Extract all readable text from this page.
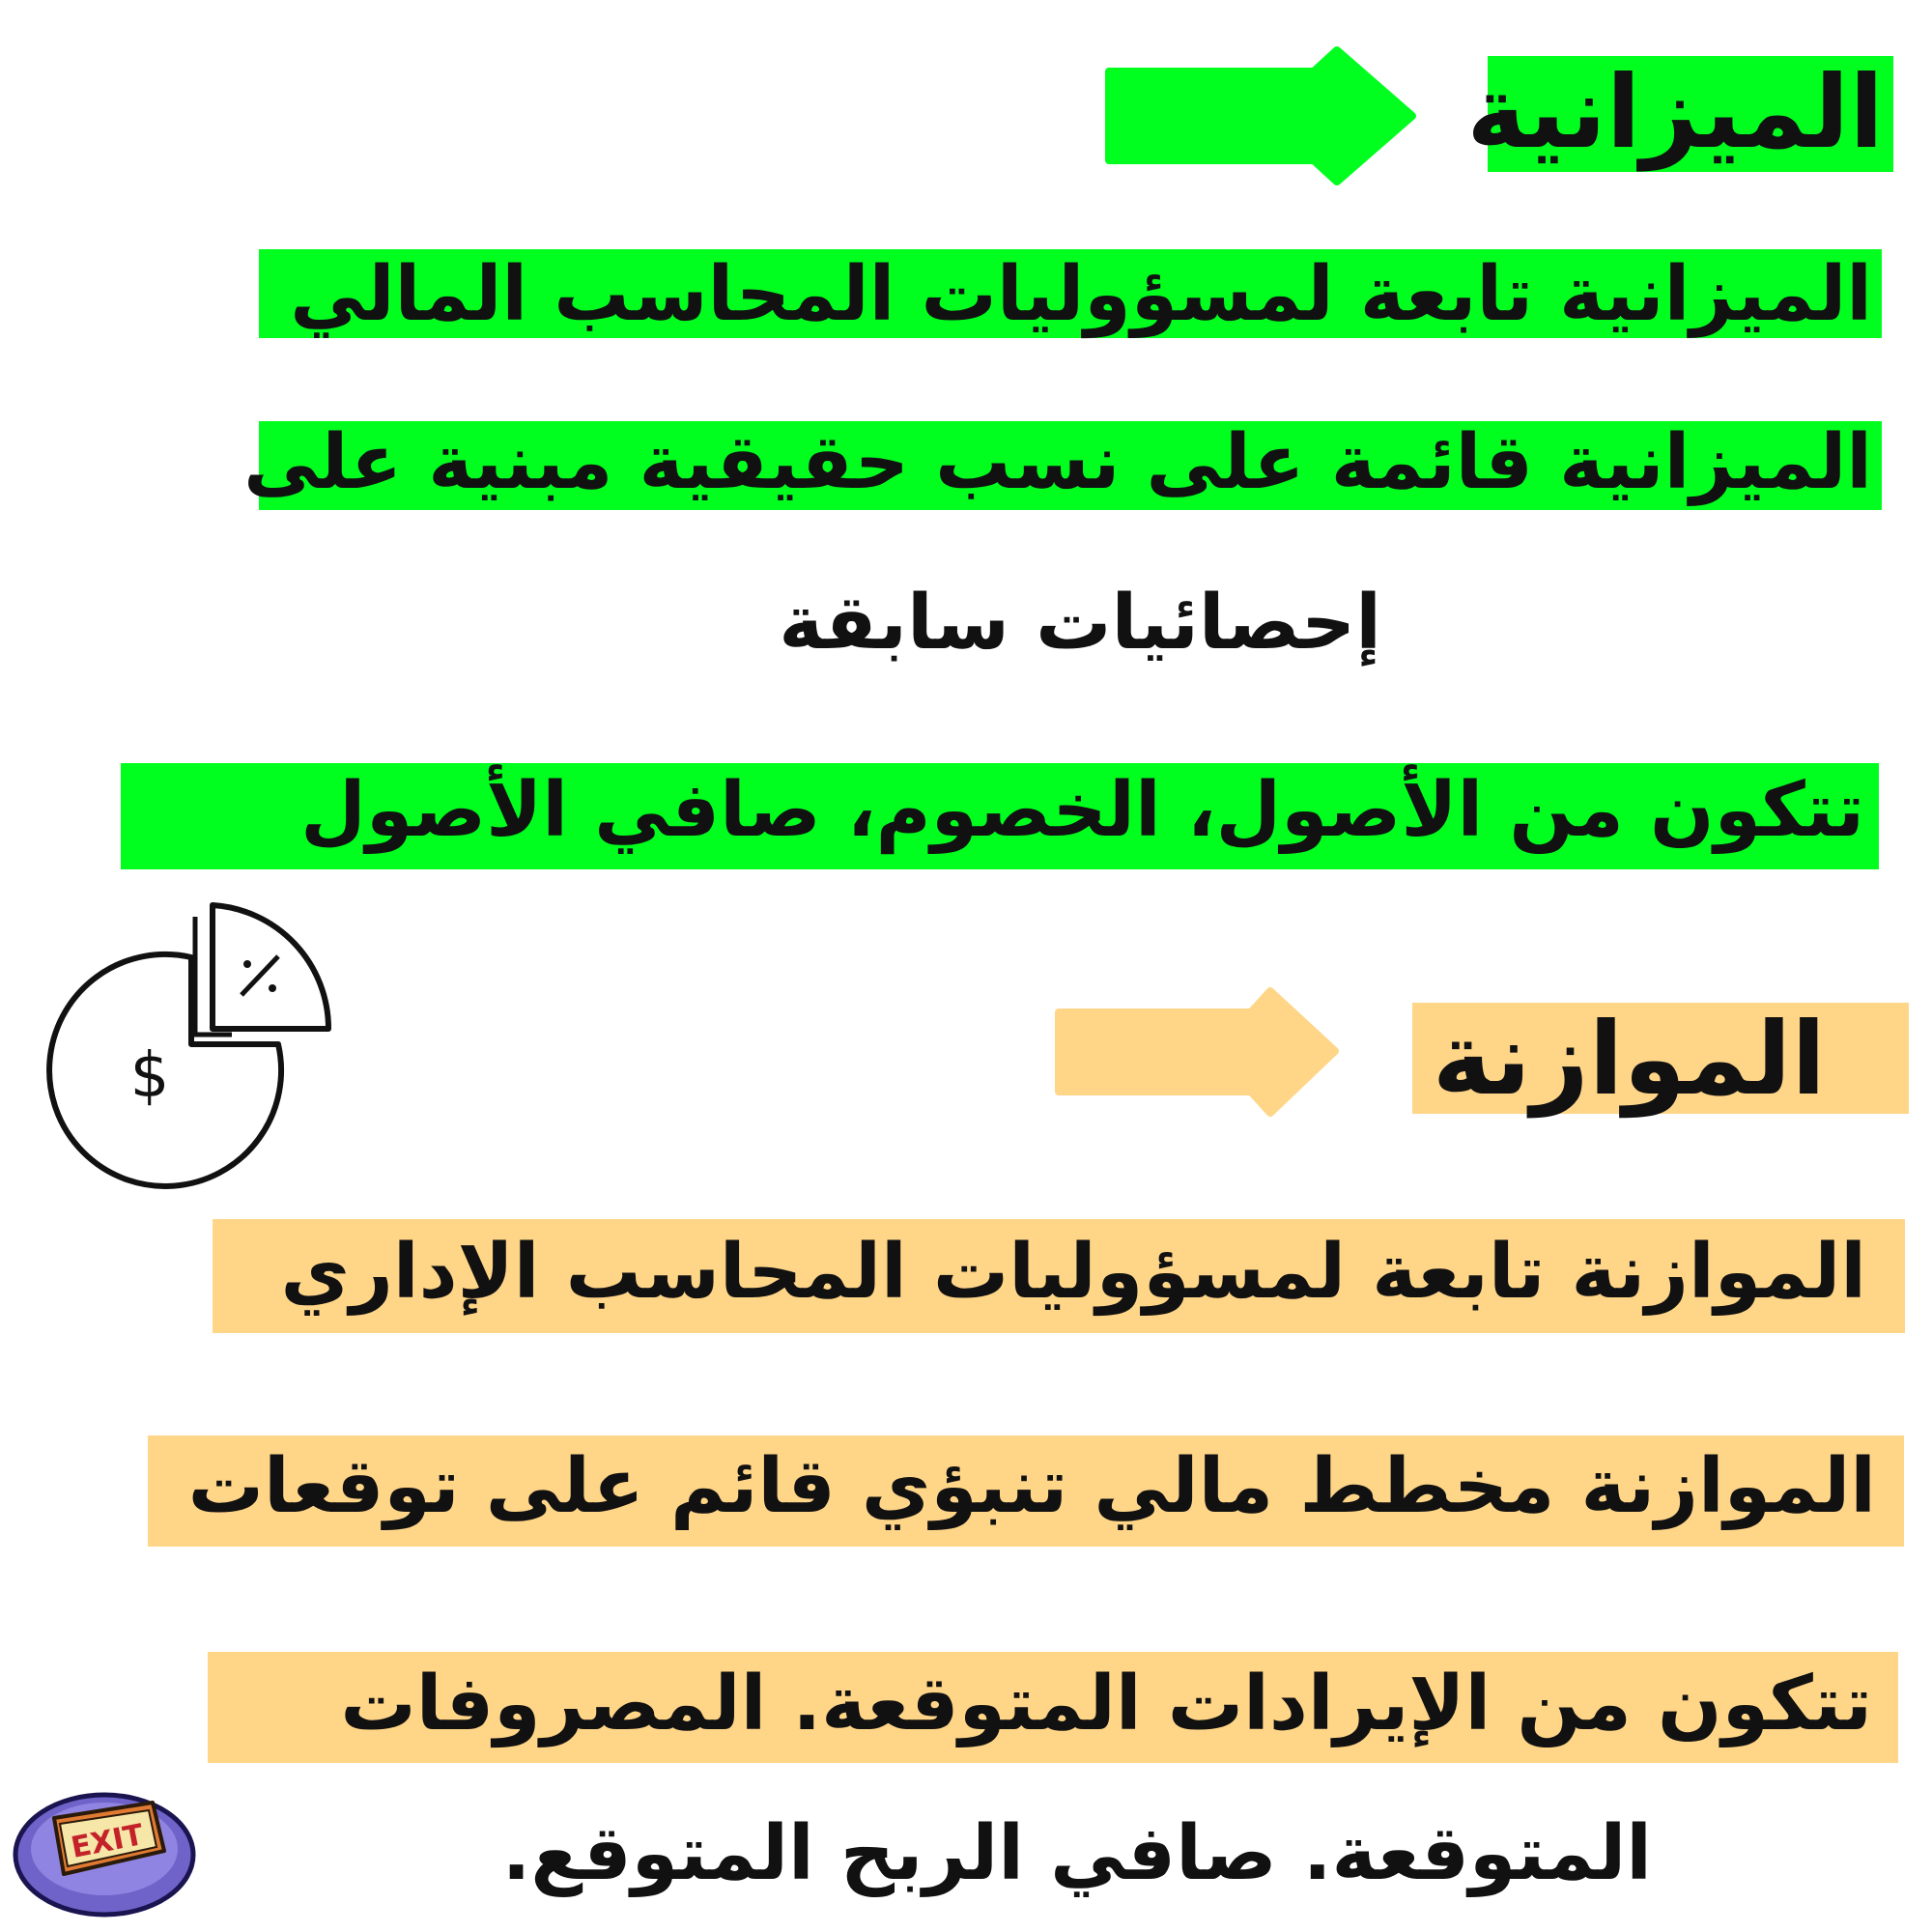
الميزانية
الميزانية تابعة لمسؤوليات المحاسب المالي
الميزانية قائمة على نسب حقيقية مبنية على
إحصائيات سابقة
تتكون من الأصول، الخصوم، صافي الأصول
$	الموازنة
الموازنة تابعة لمسؤوليات المحاسب الإداري
الموازنة مخطط مالي تنبؤي قائم على توقعات
تتكون من الإيرادات المتوقعة. المصروفات
المتوقعة. صافي الربح المتوقع.
EXIT
